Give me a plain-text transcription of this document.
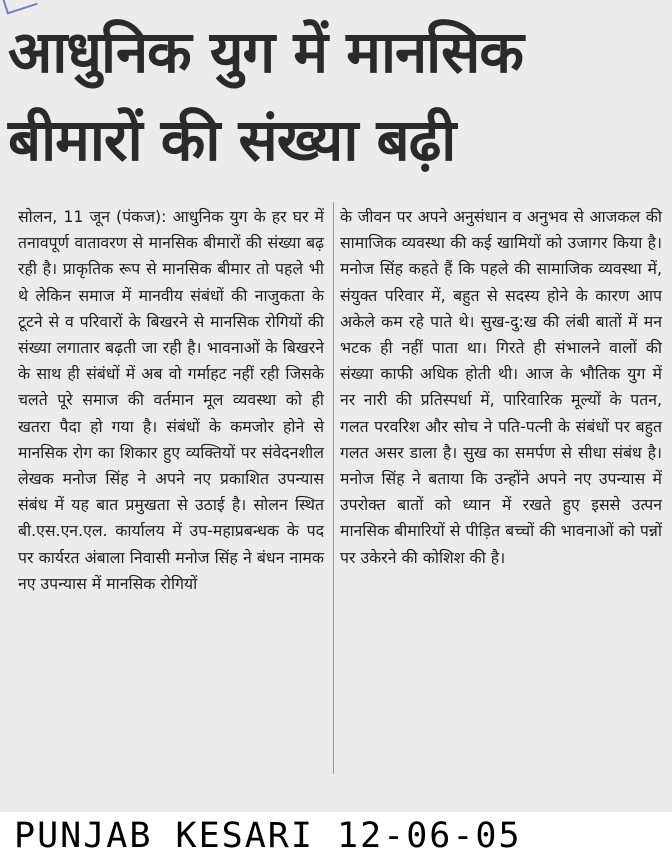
आधुनिक युग में मानसिक
बीमारों की संख्या बढ़ी

सोलन, 11 जून (पंकज): आधुनिक युग के हर घर में तनावपूर्ण वातावरण से मानसिक बीमारों की संख्या बढ़ रही है। प्राकृतिक रूप से मानसिक बीमार तो पहले भी थे लेकिन समाज में मानवीय संबंधों की नाजुकता के टूटने से व परिवारों के बिखरने से मानसिक रोगियों की संख्या लगातार बढ़ती जा रही है। भावनाओं के बिखरने के साथ ही संबंधों में अब वो गर्माहट नहीं रही जिसके चलते पूरे समाज की वर्तमान मूल व्यवस्था को ही खतरा पैदा हो गया है। संबंधों के कमजोर होने से मानसिक रोग का शिकार हुए व्यक्तियों पर संवेदनशील लेखक मनोज सिंह ने अपने नए प्रकाशित उपन्यास संबंध में यह बात प्रमुखता से उठाई है। सोलन स्थित बी.एस.एन.एल. कार्यालय में उप-महाप्रबन्धक के पद पर कार्यरत अंबाला निवासी मनोज सिंह ने बंधन नामक नए उपन्यास में मानसिक रोगियों

के जीवन पर अपने अनुसंधान व अनुभव से आजकल की सामाजिक व्यवस्था की कई खामियों को उजागर किया है। मनोज सिंह कहते हैं कि पहले की सामाजिक व्यवस्था में, संयुक्त परिवार में, बहुत से सदस्य होने के कारण आप अकेले कम रहे पाते थे। सुख-दु:ख की लंबी बातों में मन भटक ही नहीं पाता था। गिरते ही संभालने वालों की संख्या काफी अधिक होती थी। आज के भौतिक युग में नर नारी की प्रतिस्पर्धा में, पारिवारिक मूल्यों के पतन, गलत परवरिश और सोच ने पति-पत्नी के संबंधों पर बहुत गलत असर डाला है। सुख का समर्पण से सीधा संबंध है। मनोज सिंह ने बताया कि उन्होंने अपने नए उपन्यास में उपरोक्त बातों को ध्यान में रखते हुए इससे उत्पन मानसिक बीमारियों से पीड़ित बच्चों की भावनाओं को पन्नों पर उकेरने की कोशिश की है।

PUNJAB KESARI 12-06-05
